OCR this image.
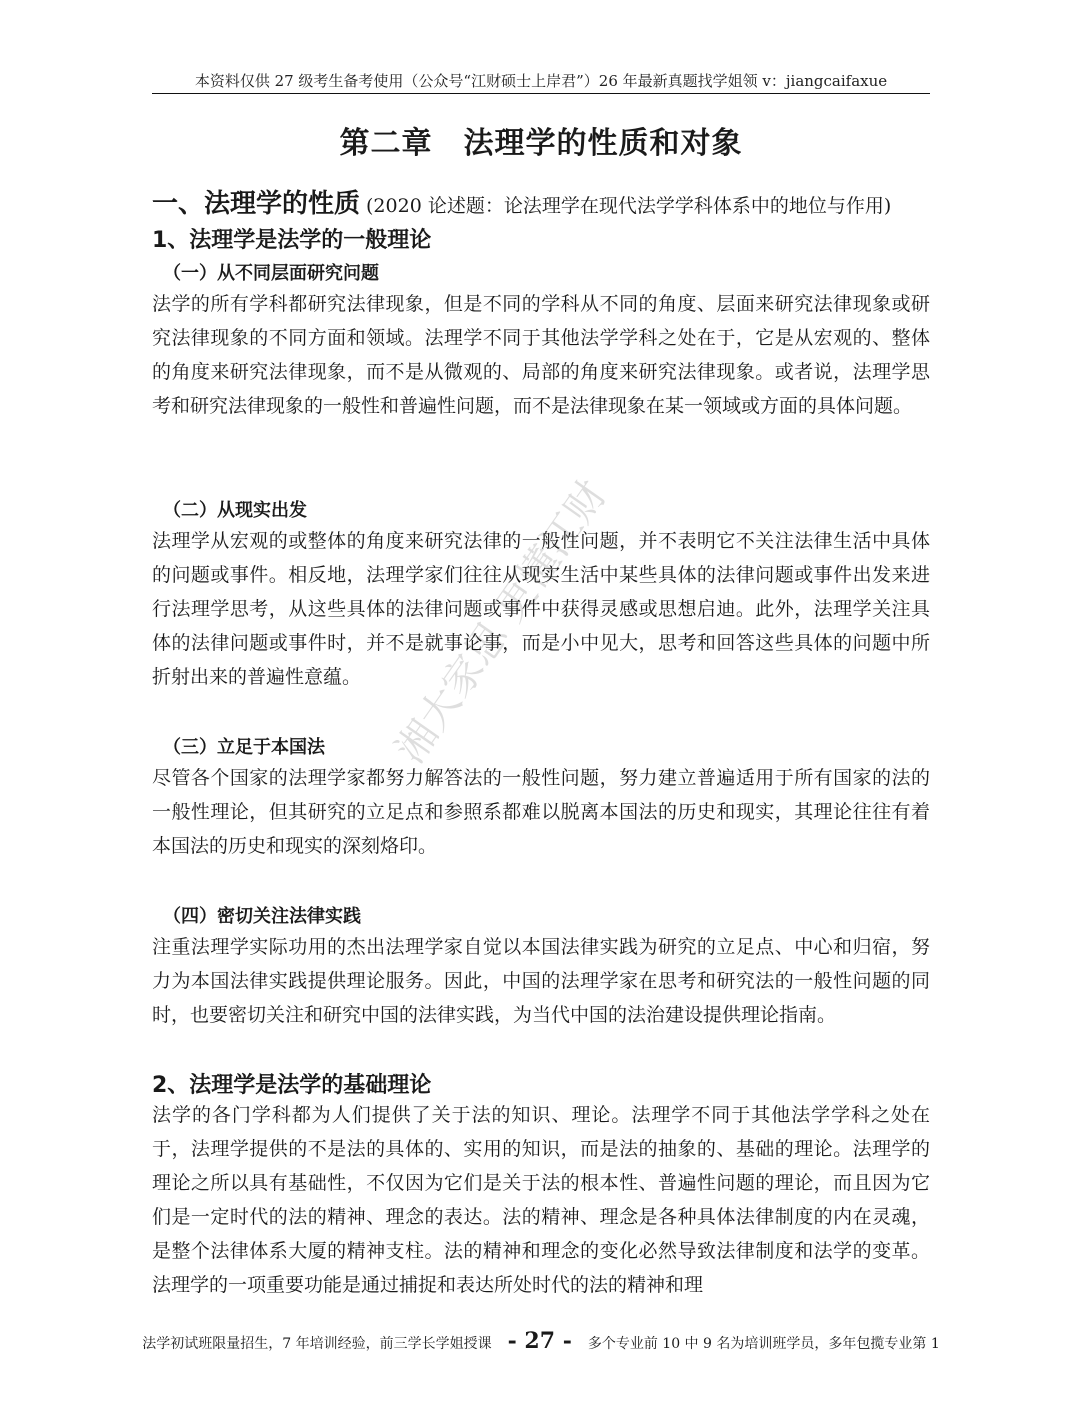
本资料仅供 27 级考生备考使用（公众号“江财硕士上岸君”）26 年最新真题找学姐领 v：jiangcaifaxue
第二章　法理学的性质和对象
一、法理学的性质 (2020 论述题：论法理学在现代法学学科体系中的地位与作用)
1、法理学是法学的一般理论
（一）从不同层面研究问题

法学的所有学科都研究法律现象，但是不同的学科从不同的角度、层面来研究法律现象或研究法律现象的不同方面和领域。法理学不同于其他法学学科之处在于，它是从宏观的、整体的角度来研究法律现象，而不是从微观的、局部的角度来研究法律现象。或者说，法理学思考和研究法律现象的一般性和普遍性问题，而不是法律现象在某一领域或方面的具体问题。

（二）从现实出发

法理学从宏观的或整体的角度来研究法律的一般性问题，并不表明它不关注法律生活中具体的问题或事件。相反地，法理学家们往往从现实生活中某些具体的法律问题或事件出发来进行法理学思考，从这些具体的法律问题或事件中获得灵感或思想启迪。此外，法理学关注具体的法律问题或事件时，并不是就事论事，而是小中见大，思考和回答这些具体的问题中所折射出来的普遍性意蕴。

（三）立足于本国法

尽管各个国家的法理学家都努力解答法的一般性问题，努力建立普遍适用于所有国家的法的一般性理论，但其研究的立足点和参照系都难以脱离本国法的历史和现实，其理论往往有着本国法的历史和现实的深刻烙印。

（四）密切关注法律实践

注重法理学实际功用的杰出法理学家自觉以本国法律实践为研究的立足点、中心和归宿，努力为本国法律实践提供理论服务。因此，中国的法理学家在思考和研究法的一般性问题的同时，也要密切关注和研究中国的法律实践，为当代中国的法治建设提供理论指南。

2、法理学是法学的基础理论

法学的各门学科都为人们提供了关于法的知识、理论。法理学不同于其他法学学科之处在于，法理学提供的不是法的具体的、实用的知识，而是法的抽象的、基础的理论。法理学的理论之所以具有基础性，不仅因为它们是关于法的根本性、普遍性问题的理论，而且因为它们是一定时代的法的精神、理念的表达。法的精神、理念是各种具体法律制度的内在灵魂，是整个法律体系大厦的精神支柱。法的精神和理念的变化必然导致法律制度和法学的变革。法理学的一项重要功能是通过捕捉和表达所处时代的法的精神和理

湘大家思 更懂江财
法学初试班限量招生，7 年培训经验，前三学长学姐授课 - 27 - 多个专业前 10 中 9 名为培训班学员，多年包揽专业第 1
